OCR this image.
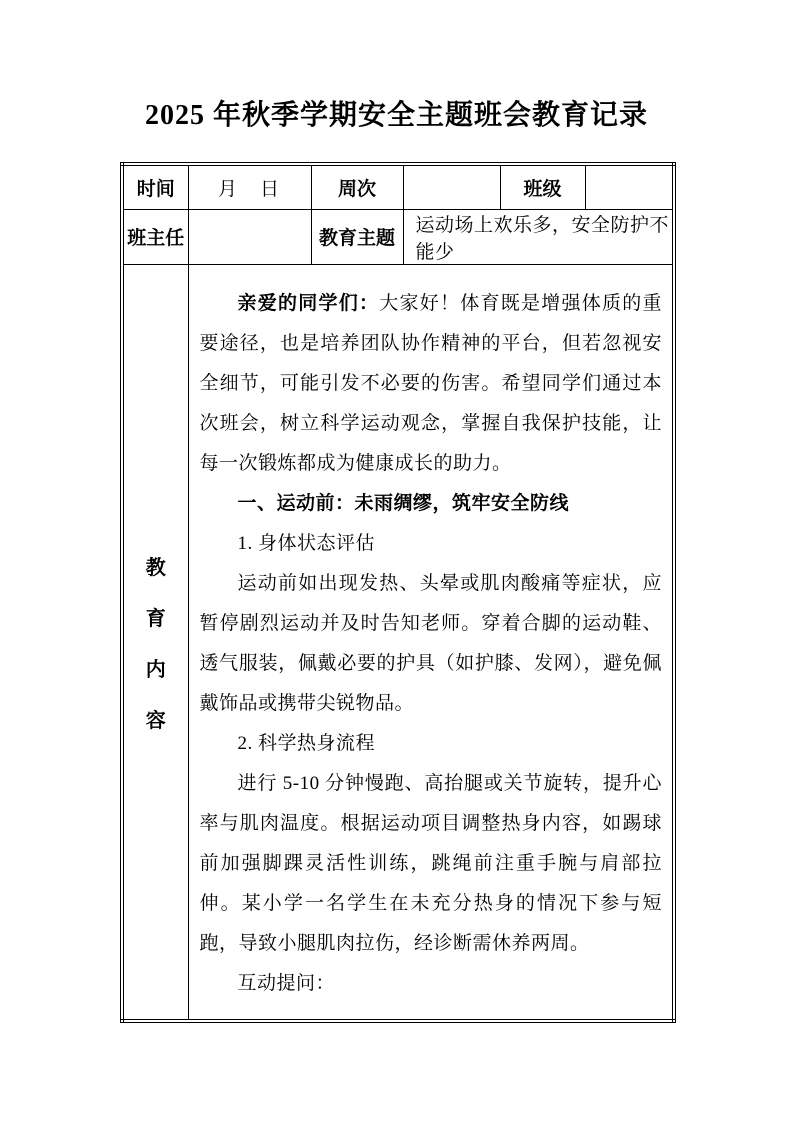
2025 年秋季学期安全主题班会教育记录
时间	月　日	周次		班级	
班主任		教育主题	运动场上欢乐多，安全防护不能少		

教
育
内
容

亲爱的同学们：大家好！体育既是增强体质的重要途径，也是培养团队协作精神的平台，但若忽视安全细节，可能引发不必要的伤害。希望同学们通过本次班会，树立科学运动观念，掌握自我保护技能，让每一次锻炼都成为健康成长的助力。

一、运动前：未雨绸缪，筑牢安全防线

1. 身体状态评估

运动前如出现发热、头晕或肌肉酸痛等症状，应暂停剧烈运动并及时告知老师。穿着合脚的运动鞋、透气服装，佩戴必要的护具（如护膝、发网），避免佩戴饰品或携带尖锐物品。

2. 科学热身流程

进行 5-10 分钟慢跑、高抬腿或关节旋转，提升心率与肌肉温度。根据运动项目调整热身内容，如踢球前加强脚踝灵活性训练，跳绳前注重手腕与肩部拉伸。某小学一名学生在未充分热身的情况下参与短跑，导致小腿肌肉拉伤，经诊断需休养两周。

互动提问：
